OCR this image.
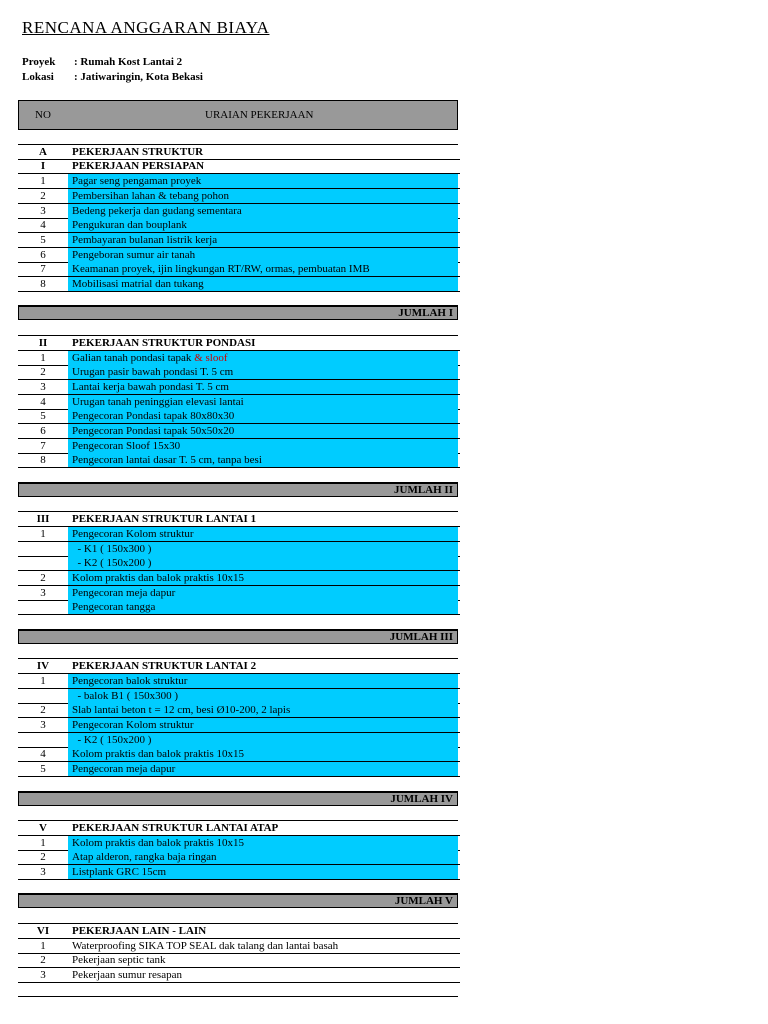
RENCANA ANGGARAN BIAYA
Proyek : Rumah Kost Lantai 2
Lokasi : Jatiwaringin, Kota Bekasi
NO	URAIAN PEKERJAAN
A	PEKERJAAN STRUKTUR
I	PEKERJAAN PERSIAPAN
1	Pagar seng pengaman proyek
2	Pembersihan lahan & tebang pohon
3	Bedeng pekerja dan gudang sementara
4	Pengukuran dan bouplank
5	Pembayaran bulanan listrik kerja
6	Pengeboran sumur air tanah
7	Keamanan proyek, ijin lingkungan RT/RW, ormas, pembuatan IMB
8	Mobilisasi matrial dan tukang
JUMLAH I
II	PEKERJAAN STRUKTUR PONDASI
1	Galian tanah pondasi tapak & sloof
2	Urugan pasir bawah pondasi T. 5 cm
3	Lantai kerja bawah pondasi T. 5 cm
4	Urugan tanah peninggian elevasi lantai
5	Pengecoran Pondasi tapak 80x80x30
6	Pengecoran Pondasi tapak 50x50x20
7	Pengecoran Sloof 15x30
8	Pengecoran lantai dasar T. 5 cm, tanpa besi
JUMLAH II
III	PEKERJAAN STRUKTUR LANTAI 1
1	Pengecoran Kolom struktur
- K1 ( 150x300 )
- K2 ( 150x200 )
2	Kolom praktis dan balok praktis 10x15
3	Pengecoran meja dapur
Pengecoran tangga
JUMLAH III
IV	PEKERJAAN STRUKTUR LANTAI 2
1	Pengecoran balok struktur
- balok B1 ( 150x300 )
2	Slab lantai beton t = 12 cm, besi Ø10-200, 2 lapis
3	Pengecoran Kolom struktur
- K2 ( 150x200 )
4	Kolom praktis dan balok praktis 10x15
5	Pengecoran meja dapur
JUMLAH IV
V	PEKERJAAN STRUKTUR LANTAI ATAP
1	Kolom praktis dan balok praktis 10x15
2	Atap alderon, rangka baja ringan
3	Listplank GRC 15cm
JUMLAH V
VI	PEKERJAAN LAIN - LAIN
1	Waterproofing SIKA TOP SEAL dak talang dan lantai basah
2	Pekerjaan septic tank
3	Pekerjaan sumur resapan
